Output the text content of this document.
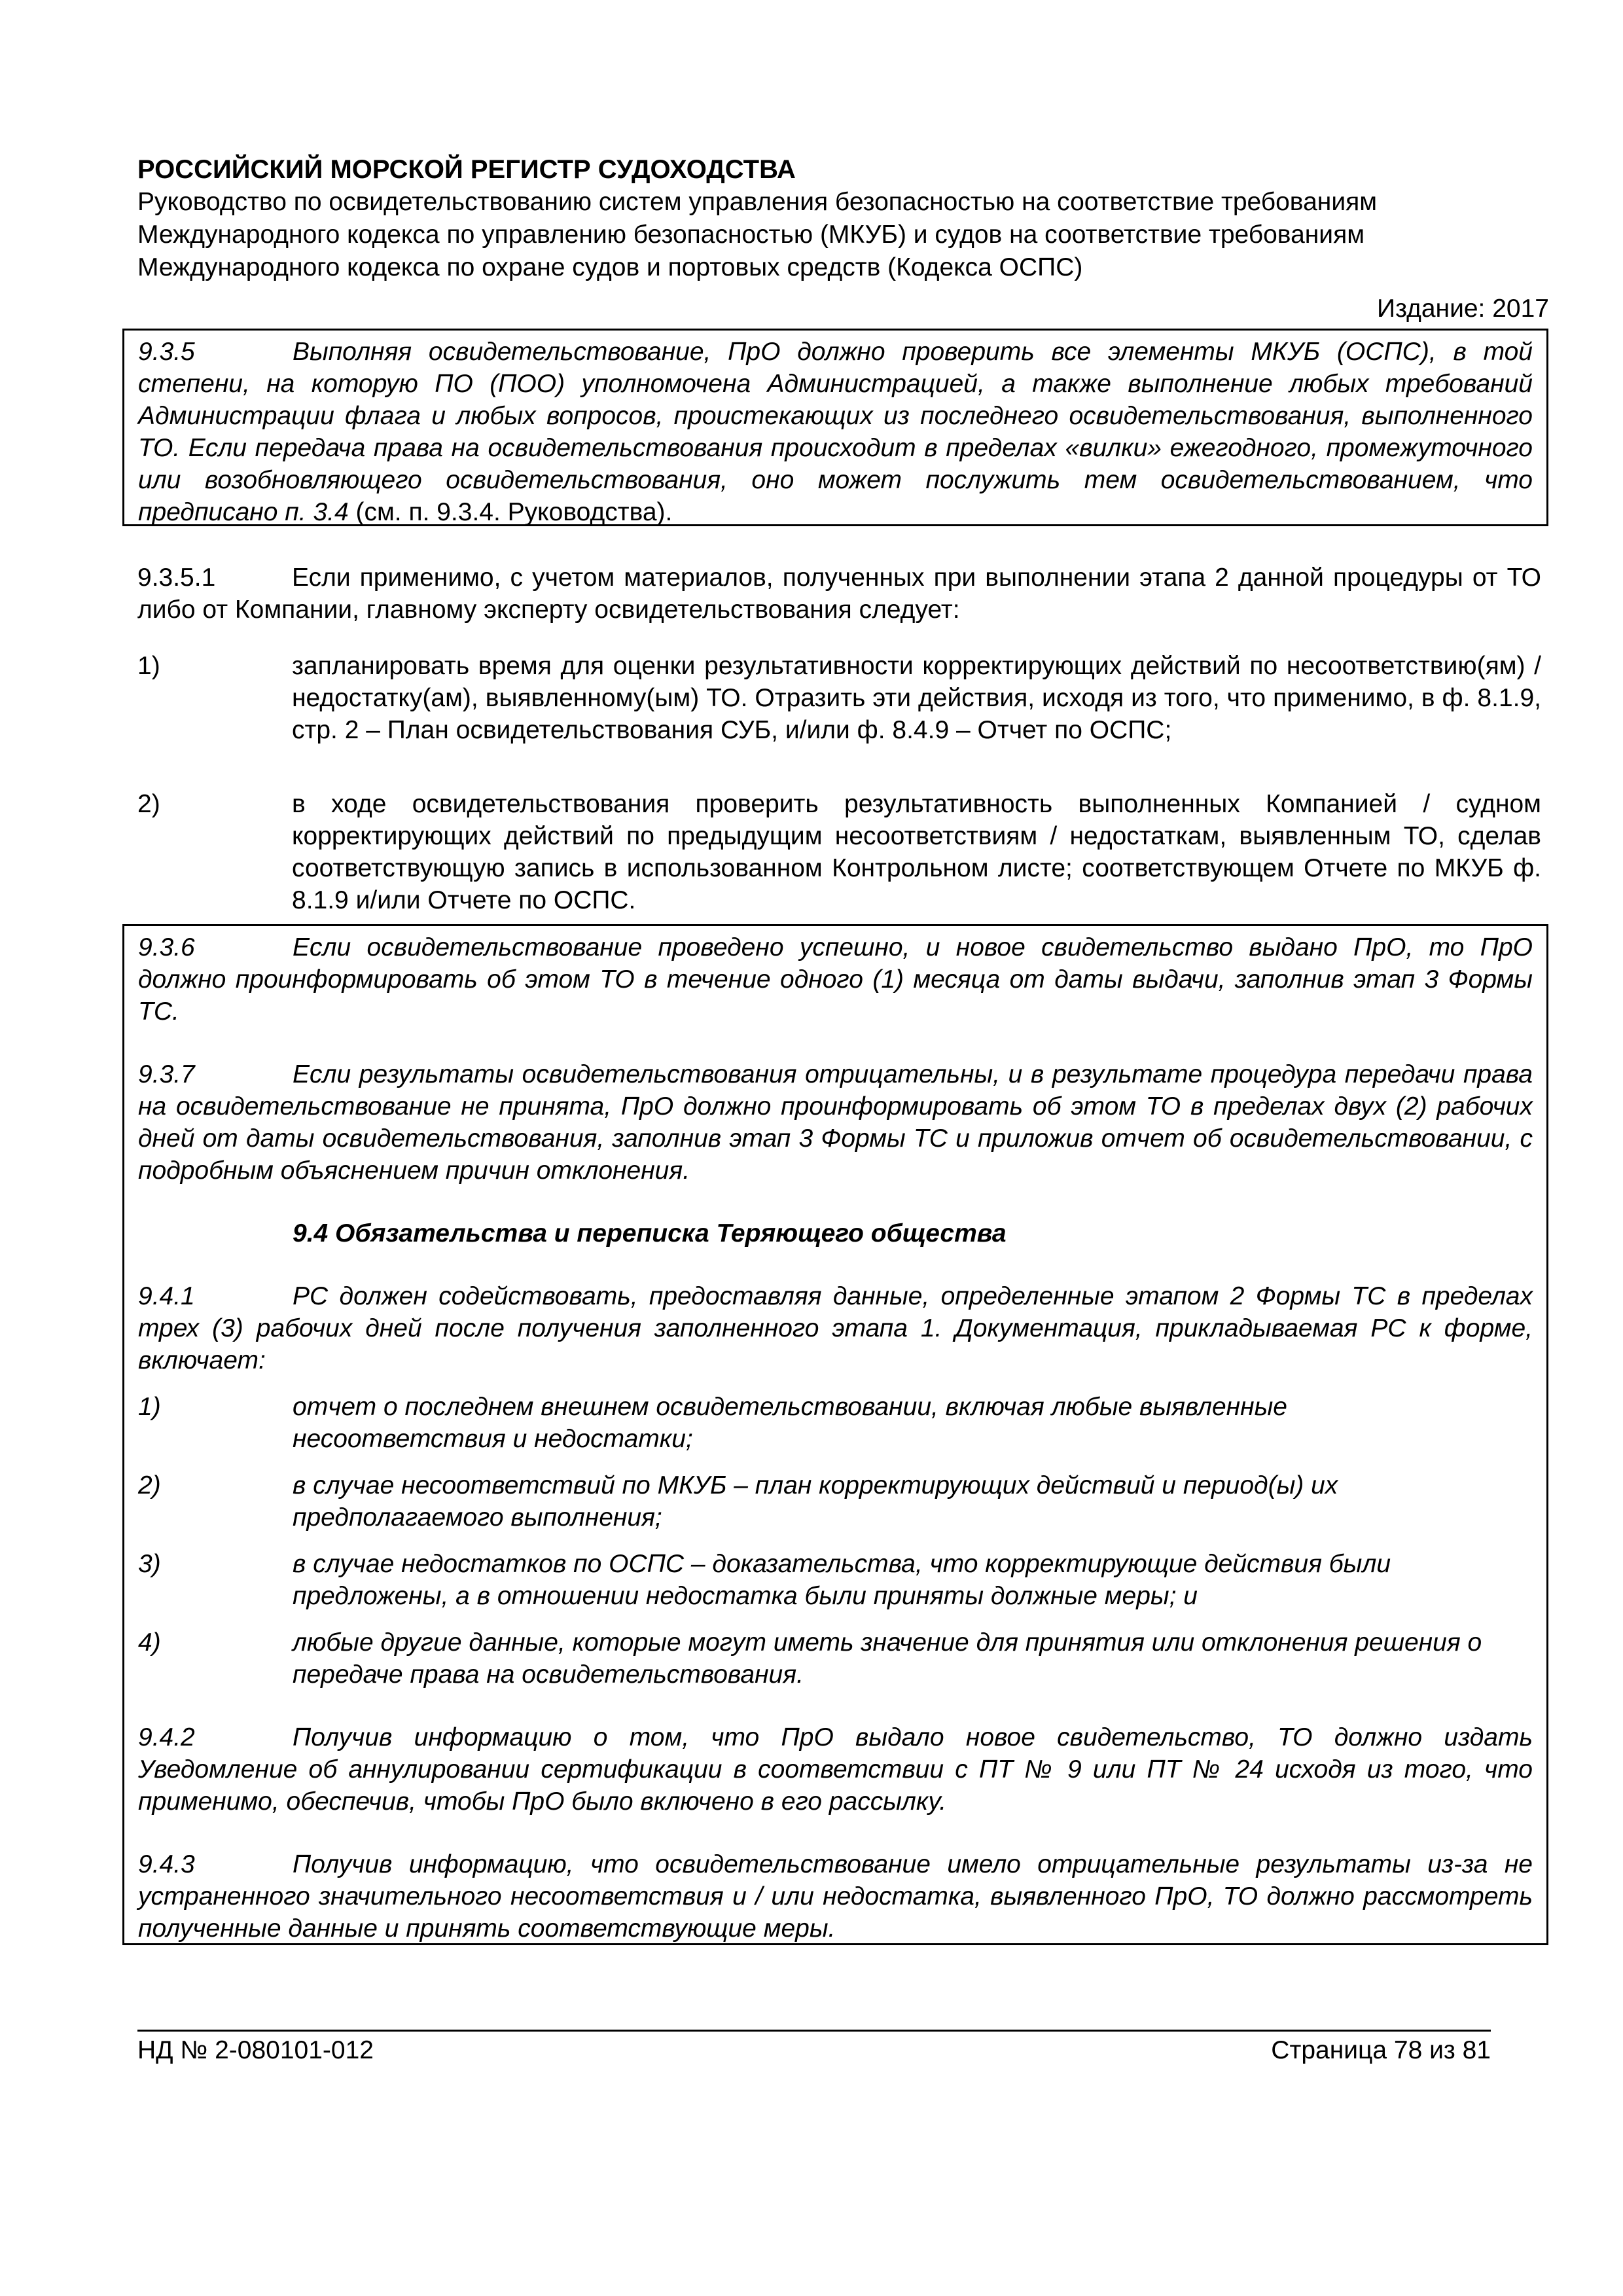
РОССИЙСКИЙ МОРСКОЙ РЕГИСТР СУДОХОДСТВА
Руководство по освидетельствованию систем управления безопасностью на соответствие требованиям
Международного кодекса по управлению безопасностью (МКУБ) и судов на соответствие требованиям
Международного кодекса по охране судов и портовых средств (Кодекса ОСПС)
Издание: 2017

9.3.5	Выполняя освидетельствование, ПрО должно проверить все элементы МКУБ (ОСПС), в той степени, на которую ПО (ПОО) уполномочена Администрацией, а также выполнение любых требований Администрации флага и любых вопросов, проистекающих из последнего освидетельствования, выполненного ТО. Если передача права на освидетельствования происходит в пределах «вилки» ежегодного, промежуточного или возобновляющего освидетельствования, оно может послужить тем освидетельствованием, что предписано п. 3.4 (см. п. 9.3.4. Руководства).

9.3.5.1	Если применимо, с учетом материалов, полученных при выполнении этапа 2 данной процедуры от ТО либо от Компании, главному эксперту освидетельствования следует:
1)	запланировать время для оценки результативности корректирующих действий по несоответствию(ям) / недостатку(ам), выявленному(ым) ТО. Отразить эти действия, исходя из того, что применимо, в ф. 8.1.9, стр. 2 – План освидетельствования СУБ, и/или ф. 8.4.9 – Отчет по ОСПС;
2)	в ходе освидетельствования проверить результативность выполненных Компанией / судном корректирующих действий по предыдущим несоответствиям / недостаткам, выявленным ТО, сделав соответствующую запись в использованном Контрольном листе; соответствующем Отчете по МКУБ ф. 8.1.9 и/или Отчете по ОСПС.

9.3.6	Если освидетельствование проведено успешно, и новое свидетельство выдано ПрО, то ПрО должно проинформировать об этом ТО в течение одного (1) месяца от даты выдачи, заполнив этап 3 Формы ТС.

9.3.7	Если результаты освидетельствования отрицательны, и в результате процедура передачи права на освидетельствование не принята, ПрО должно проинформировать об этом ТО в пределах двух (2) рабочих дней от даты освидетельствования, заполнив этап 3 Формы ТС и приложив отчет об освидетельствовании, с подробным объяснением причин отклонения.

9.4 Обязательства и переписка Теряющего общества

9.4.1	РС должен содействовать, предоставляя данные, определенные этапом 2 Формы ТС в пределах трех (3) рабочих дней после получения заполненного этапа 1. Документация, прикладываемая РС к форме, включает:

1)	отчет о последнем внешнем освидетельствовании, включая любые выявленные несоответствия и недостатки;
2)	в случае несоответствий по МКУБ – план корректирующих действий и период(ы) их предполагаемого выполнения;
3)	в случае недостатков по ОСПС – доказательства, что корректирующие действия были предложены, а в отношении недостатка были приняты должные меры; и
4)	любые другие данные, которые могут иметь значение для принятия или отклонения решения о передаче права на освидетельствования.

9.4.2	Получив информацию о том, что ПрО выдало новое свидетельство, ТО должно издать Уведомление об аннулировании сертификации в соответствии с ПТ № 9 или ПТ № 24 исходя из того, что применимо, обеспечив, чтобы ПрО было включено в его рассылку.

9.4.3	Получив информацию, что освидетельствование имело отрицательные результаты из-за не устраненного значительного несоответствия и / или недостатка, выявленного ПрО, ТО должно рассмотреть полученные данные и принять соответствующие меры.

НД № 2-080101-012	Страница 78 из 81
